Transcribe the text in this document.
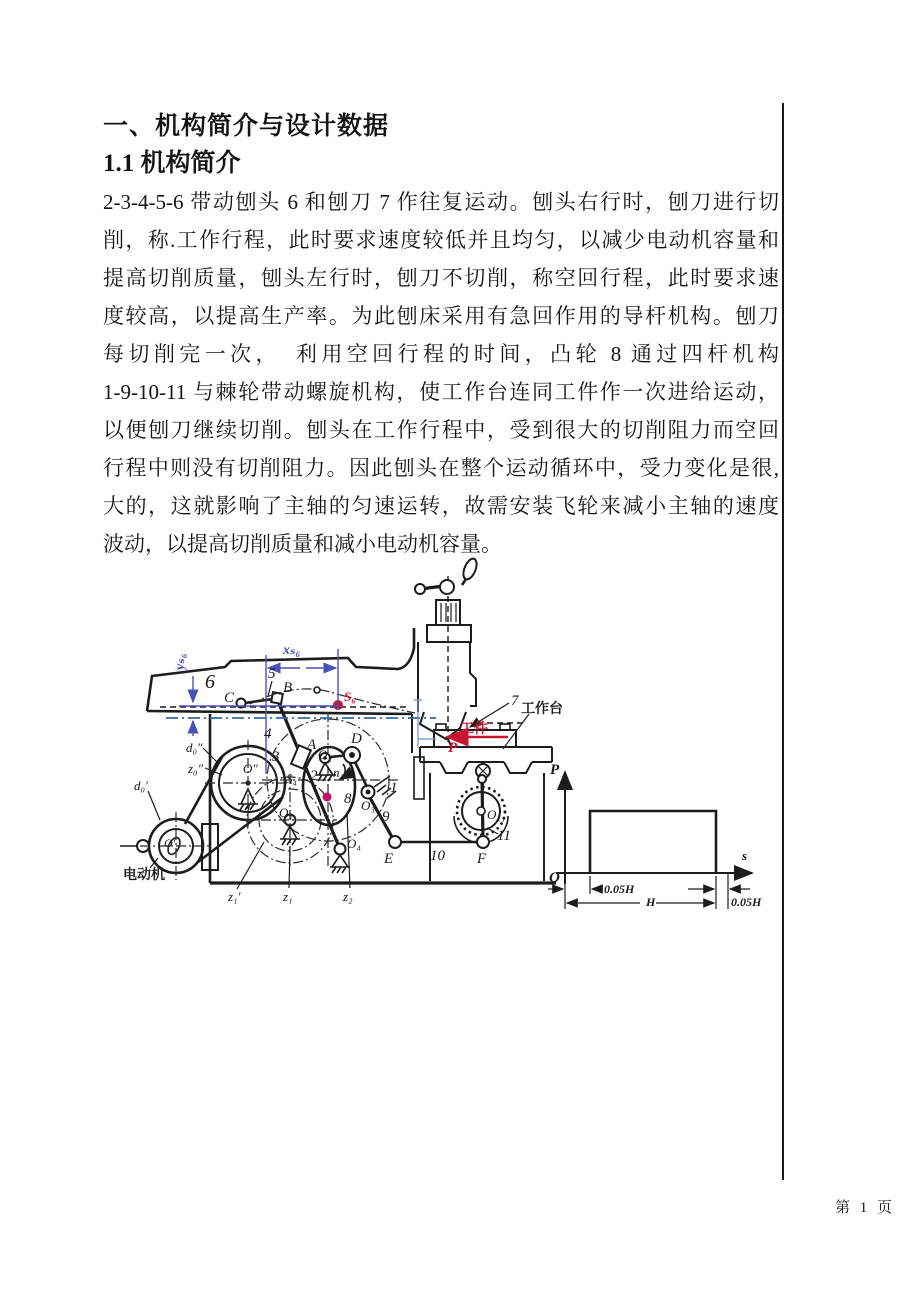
一、机构简介与设计数据
1.1 机构简介
2-3-4-5-6 带动刨头 6 和刨刀 7 作往复运动。刨头右行时，刨刀进行切
削，称.工作行程，此时要求速度较低并且均匀，以减少电动机容量和
提高切削质量，刨头左行时，刨刀不切削，称空回行程，此时要求速
度较高，以提高生产率。为此刨床采用有急回作用的导杆机构。刨刀
每切削完一次，　利用空回行程的时间，凸轮 8 通过四杆机构
1-9-10-11 与棘轮带动螺旋机构，使工作台连同工件作一次进给运动，
以便刨刀继续切削。刨头在工作行程中，受到很大的切削阻力而空回
行程中则没有切削阻力。因此刨头在整个运动循环中，受力变化是很,
大的，这就影响了主轴的匀速运转，故需安装飞轮来减小主轴的速度
波动，以提高切削质量和减小电动机容量。
6	5
B
C
4
3
A D
O₂
2 n₂
8 O₃
1
9
O₄
O₁
S₄
O″
d₀″
z₀″
d₀′
O′
电动机
z₁′	z₁	z₂
E 10 F
O₁₁
11
7
工作台
工件
P
S₆
xₛ₆
yₛ₆
P
s
O
0.05H
H	0.05H
第 1 页
